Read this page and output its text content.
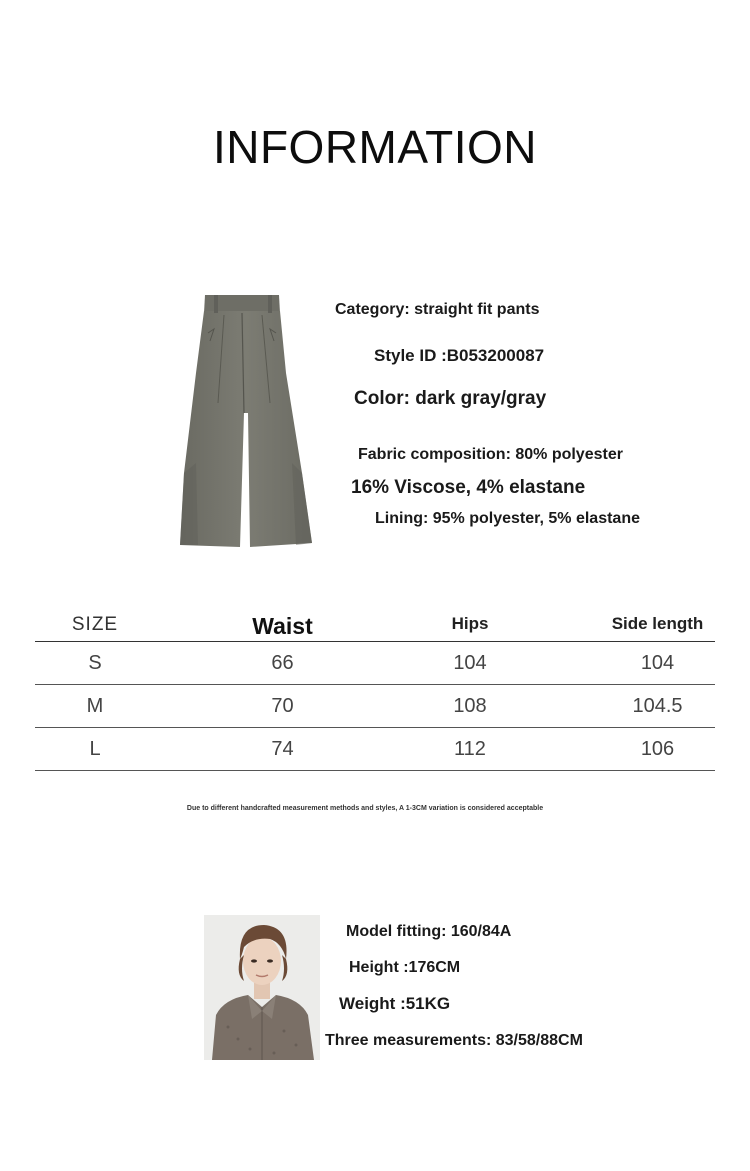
INFORMATION
Category: straight fit pants
Style ID :B053200087
Color: dark gray/gray
Fabric composition: 80% polyester
16% Viscose, 4% elastane
Lining: 95% polyester, 5% elastane
SIZE	Waist	Hips	Side length
S	66	104	104
M	70	108	104.5
L	74	112	106
Due to different handcrafted measurement methods and styles, A 1-3CM variation is considered acceptable
Model fitting: 160/84A
Height :176CM
Weight :51KG
Three measurements: 83/58/88CM
